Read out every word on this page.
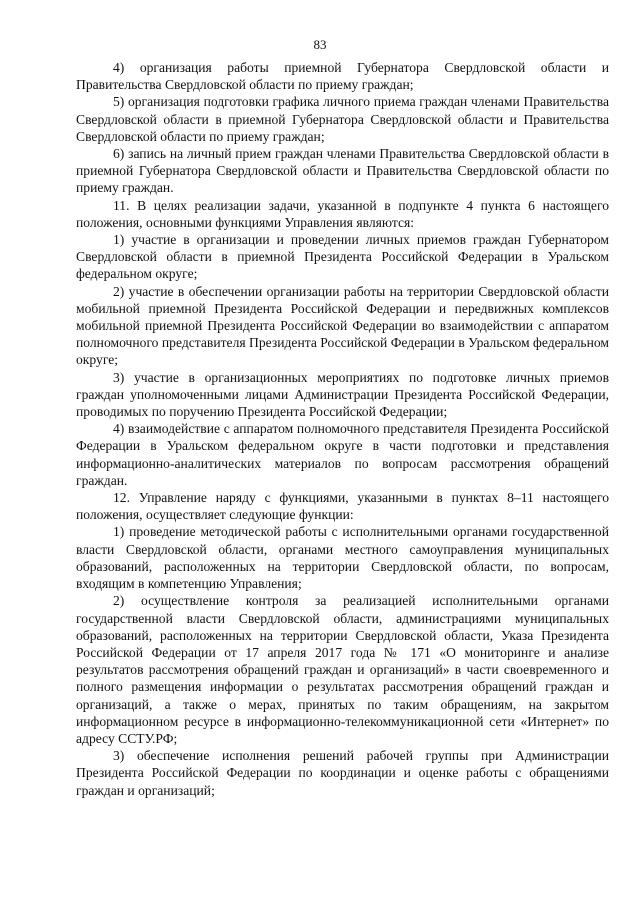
83

4) организация работы приемной Губернатора Свердловской области и Правительства Свердловской области по приему граждан;

5) организация подготовки графика личного приема граждан членами Правительства Свердловской области в приемной Губернатора Свердловской области и Правительства Свердловской области по приему граждан;

6) запись на личный прием граждан членами Правительства Свердловской области в приемной Губернатора Свердловской области и Правительства Свердловской области по приему граждан.

11. В целях реализации задачи, указанной в подпункте 4 пункта 6 настоящего положения, основными функциями Управления являются:

1) участие в организации и проведении личных приемов граждан Губернатором Свердловской области в приемной Президента Российской Федерации в Уральском федеральном округе;

2) участие в обеспечении организации работы на территории Свердловской области мобильной приемной Президента Российской Федерации и передвижных комплексов мобильной приемной Президента Российской Федерации во взаимодействии с аппаратом полномочного представителя Президента Российской Федерации в Уральском федеральном округе;

3) участие в организационных мероприятиях по подготовке личных приемов граждан уполномоченными лицами Администрации Президента Российской Федерации, проводимых по поручению Президента Российской Федерации;

4) взаимодействие с аппаратом полномочного представителя Президента Российской Федерации в Уральском федеральном округе в части подготовки и представления информационно-аналитических материалов по вопросам рассмотрения обращений граждан.

12. Управление наряду с функциями, указанными в пунктах 8–11 настоящего положения, осуществляет следующие функции:

1) проведение методической работы с исполнительными органами государственной власти Свердловской области, органами местного самоуправления муниципальных образований, расположенных на территории Свердловской области, по вопросам, входящим в компетенцию Управления;

2) осуществление контроля за реализацией исполнительными органами государственной власти Свердловской области, администрациями муниципальных образований, расположенных на территории Свердловской области, Указа Президента Российской Федерации от 17 апреля 2017 года № 171 «О мониторинге и анализе результатов рассмотрения обращений граждан и организаций» в части своевременного и полного размещения информации о результатах рассмотрения обращений граждан и организаций, а также о мерах, принятых по таким обращениям, на закрытом информационном ресурсе в информационно-телекоммуникационной сети «Интернет» по адресу ССТУ.РФ;

3) обеспечение исполнения решений рабочей группы при Администрации Президента Российской Федерации по координации и оценке работы с обращениями граждан и организаций;
